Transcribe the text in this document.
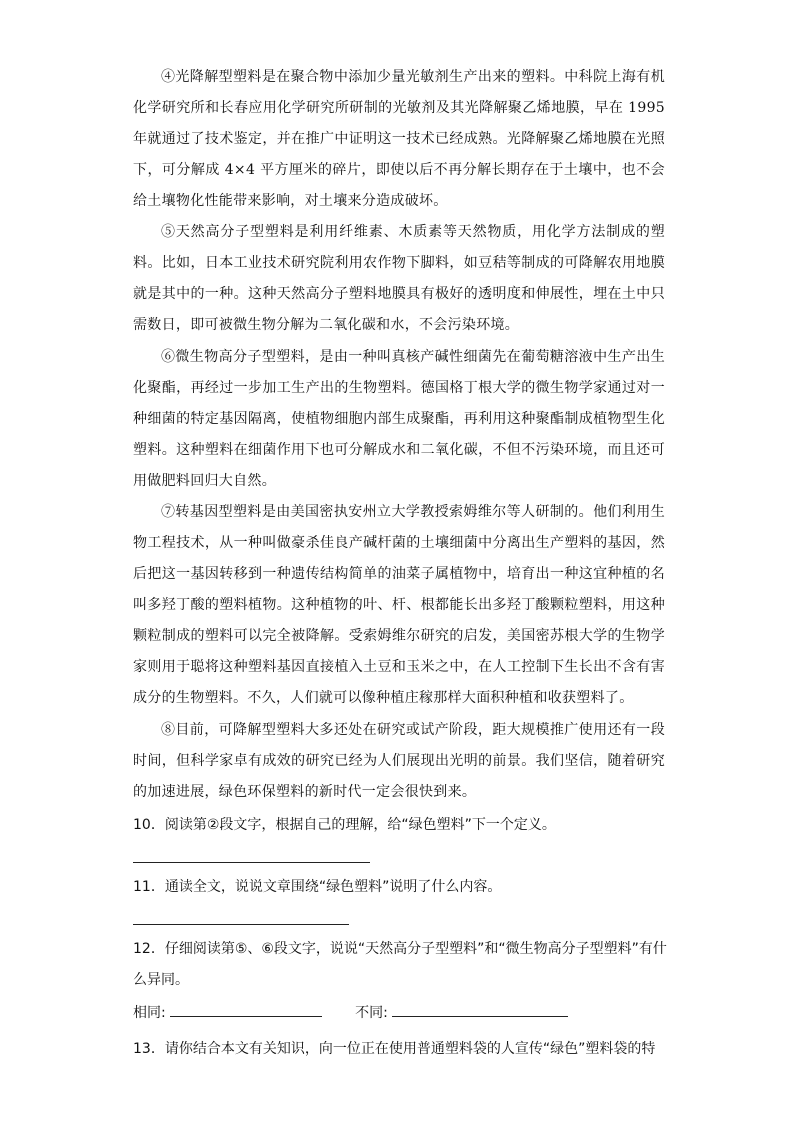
④光降解型塑料是在聚合物中添加少量光敏剂生产出来的塑料。中科院上海有机化学研究所和长春应用化学研究所研制的光敏剂及其光降解聚乙烯地膜，早在 1995 年就通过了技术鉴定，并在推广中证明这一技术已经成熟。光降解聚乙烯地膜在光照下，可分解成 4×4 平方厘米的碎片，即使以后不再分解长期存在于土壤中，也不会给土壤物化性能带来影响，对土壤来分造成破坏。

⑤天然高分子型塑料是利用纤维素、木质素等天然物质，用化学方法制成的塑料。比如，日本工业技术研究院利用农作物下脚料，如豆秸等制成的可降解农用地膜就是其中的一种。这种天然高分子塑料地膜具有极好的透明度和伸展性，埋在土中只需数日，即可被微生物分解为二氧化碳和水，不会污染环境。

⑥微生物高分子型塑料，是由一种叫真核产碱性细菌先在葡萄糖溶液中生产出生化聚酯，再经过一步加工生产出的生物塑料。德国格丁根大学的微生物学家通过对一种细菌的特定基因隔离，使植物细胞内部生成聚酯，再利用这种聚酯制成植物型生化塑料。这种塑料在细菌作用下也可分解成水和二氧化碳，不但不污染环境，而且还可用做肥料回归大自然。

⑦转基因型塑料是由美国密执安州立大学教授索姆维尔等人研制的。他们利用生物工程技术，从一种叫做豪杀佳良产碱杆菌的土壤细菌中分离出生产塑料的基因，然后把这一基因转移到一种遗传结构简单的油菜子属植物中，培育出一种这宜种植的名叫多羟丁酸的塑料植物。这种植物的叶、杆、根都能长出多羟丁酸颗粒塑料，用这种颗粒制成的塑料可以完全被降解。受索姆维尔研究的启发，美国密苏根大学的生物学家则用于聪将这种塑料基因直接植入土豆和玉米之中，在人工控制下生长出不含有害成分的生物塑料。不久，人们就可以像种植庄稼那样大面积种植和收获塑料了。

⑧目前，可降解型塑料大多还处在研究或试产阶段，距大规模推广使用还有一段时间，但科学家卓有成效的研究已经为人们展现出光明的前景。我们坚信，随着研究的加速进展，绿色环保塑料的新时代一定会很快到来。

10．阅读第②段文字，根据自己的理解，给“绿色塑料”下一个定义。

11．通读全文，说说文章围绕“绿色塑料”说明了什么内容。

12．仔细阅读第⑤、⑥段文字，说说“天然高分子型塑料”和“微生物高分子型塑料”有什么异同。

相同:	不同:

13．请你结合本文有关知识，向一位正在使用普通塑料袋的人宣传“绿色”塑料袋的特
